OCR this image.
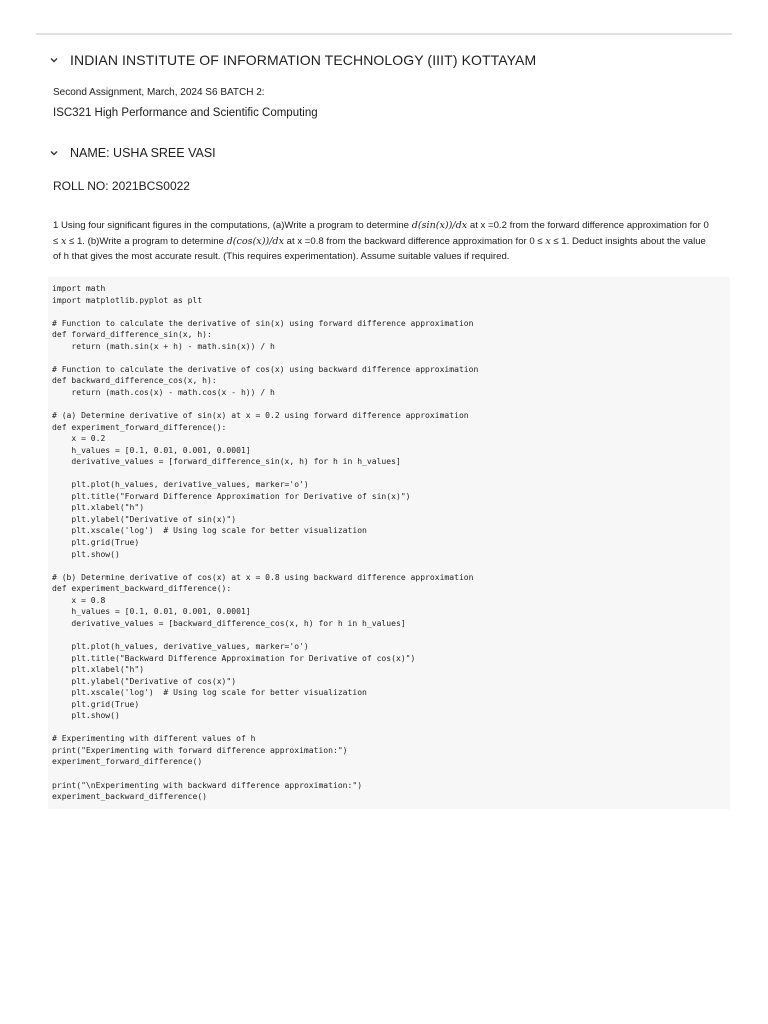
INDIAN INSTITUTE OF INFORMATION TECHNOLOGY (IIIT) KOTTAYAM
Second Assignment, March, 2024 S6 BATCH 2:
ISC321 High Performance and Scientific Computing
NAME: USHA SREE VASI
ROLL NO: 2021BCS0022
1 Using four significant figures in the computations, (a)Write a program to determine d(sin(x))/dx at x =0.2 from the forward difference approximation for 0 ≤ x ≤ 1. (b)Write a program to determine d(cos(x))/dx at x =0.8 from the backward difference approximation for 0 ≤ x ≤ 1. Deduct insights about the value of h that gives the most accurate result. (This requires experimentation). Assume suitable values if required.
import math
import matplotlib.pyplot as plt

# Function to calculate the derivative of sin(x) using forward difference approximation
def forward_difference_sin(x, h):
return (math.sin(x + h) - math.sin(x)) / h

# Function to calculate the derivative of cos(x) using backward difference approximation
def backward_difference_cos(x, h):
return (math.cos(x) - math.cos(x - h)) / h

# (a) Determine derivative of sin(x) at x = 0.2 using forward difference approximation
def experiment_forward_difference():
x = 0.2
h_values = [0.1, 0.01, 0.001, 0.0001]
derivative_values = [forward_difference_sin(x, h) for h in h_values]

plt.plot(h_values, derivative_values, marker='o')
plt.title("Forward Difference Approximation for Derivative of sin(x)")
plt.xlabel("h")
plt.ylabel("Derivative of sin(x)")
plt.xscale('log')  # Using log scale for better visualization
plt.grid(True)
plt.show()

# (b) Determine derivative of cos(x) at x = 0.8 using backward difference approximation
def experiment_backward_difference():
x = 0.8
h_values = [0.1, 0.01, 0.001, 0.0001]
derivative_values = [backward_difference_cos(x, h) for h in h_values]

plt.plot(h_values, derivative_values, marker='o')
plt.title("Backward Difference Approximation for Derivative of cos(x)")
plt.xlabel("h")
plt.ylabel("Derivative of cos(x)")
plt.xscale('log')  # Using log scale for better visualization
plt.grid(True)
plt.show()

# Experimenting with different values of h
print("Experimenting with forward difference approximation:")
experiment_forward_difference()

print("\nExperimenting with backward difference approximation:")
experiment_backward_difference()
